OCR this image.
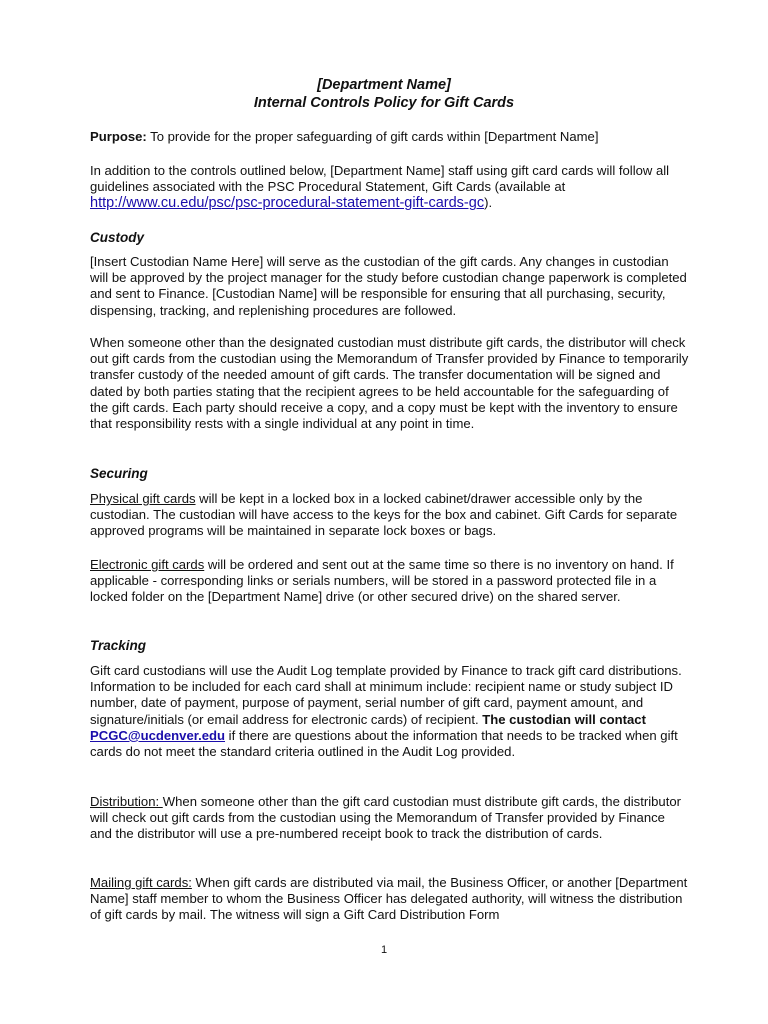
[Department Name]
Internal Controls Policy for Gift Cards

Purpose: To provide for the proper safeguarding of gift cards within [Department Name]

In addition to the controls outlined below, [Department Name] staff using gift card cards will follow all guidelines associated with the PSC Procedural Statement, Gift Cards (available at http://www.cu.edu/psc/psc-procedural-statement-gift-cards-gc).

Custody

[Insert Custodian Name Here] will serve as the custodian of the gift cards. Any changes in custodian will be approved by the project manager for the study before custodian change paperwork is completed and sent to Finance. [Custodian Name] will be responsible for ensuring that all purchasing, security, dispensing, tracking, and replenishing procedures are followed.

When someone other than the designated custodian must distribute gift cards, the distributor will check out gift cards from the custodian using the Memorandum of Transfer provided by Finance to temporarily transfer custody of the needed amount of gift cards. The transfer documentation will be signed and dated by both parties stating that the recipient agrees to be held accountable for the safeguarding of the gift cards. Each party should receive a copy, and a copy must be kept with the inventory to ensure that responsibility rests with a single individual at any point in time.

Securing

Physical gift cards will be kept in a locked box in a locked cabinet/drawer accessible only by the custodian. The custodian will have access to the keys for the box and cabinet. Gift Cards for separate approved programs will be maintained in separate lock boxes or bags.

Electronic gift cards will be ordered and sent out at the same time so there is no inventory on hand. If applicable - corresponding links or serials numbers, will be stored in a password protected file in a locked folder on the [Department Name] drive (or other secured drive) on the shared server.

Tracking

Gift card custodians will use the Audit Log template provided by Finance to track gift card distributions. Information to be included for each card shall at minimum include: recipient name or study subject ID number, date of payment, purpose of payment, serial number of gift card, payment amount, and signature/initials (or email address for electronic cards) of recipient. The custodian will contact PCGC@ucdenver.edu if there are questions about the information that needs to be tracked when gift cards do not meet the standard criteria outlined in the Audit Log provided.

Distribution: When someone other than the gift card custodian must distribute gift cards, the distributor will check out gift cards from the custodian using the Memorandum of Transfer provided by Finance and the distributor will use a pre-numbered receipt book to track the distribution of cards.

Mailing gift cards: When gift cards are distributed via mail, the Business Officer, or another [Department Name] staff member to whom the Business Officer has delegated authority, will witness the distribution of gift cards by mail. The witness will sign a Gift Card Distribution Form

1
